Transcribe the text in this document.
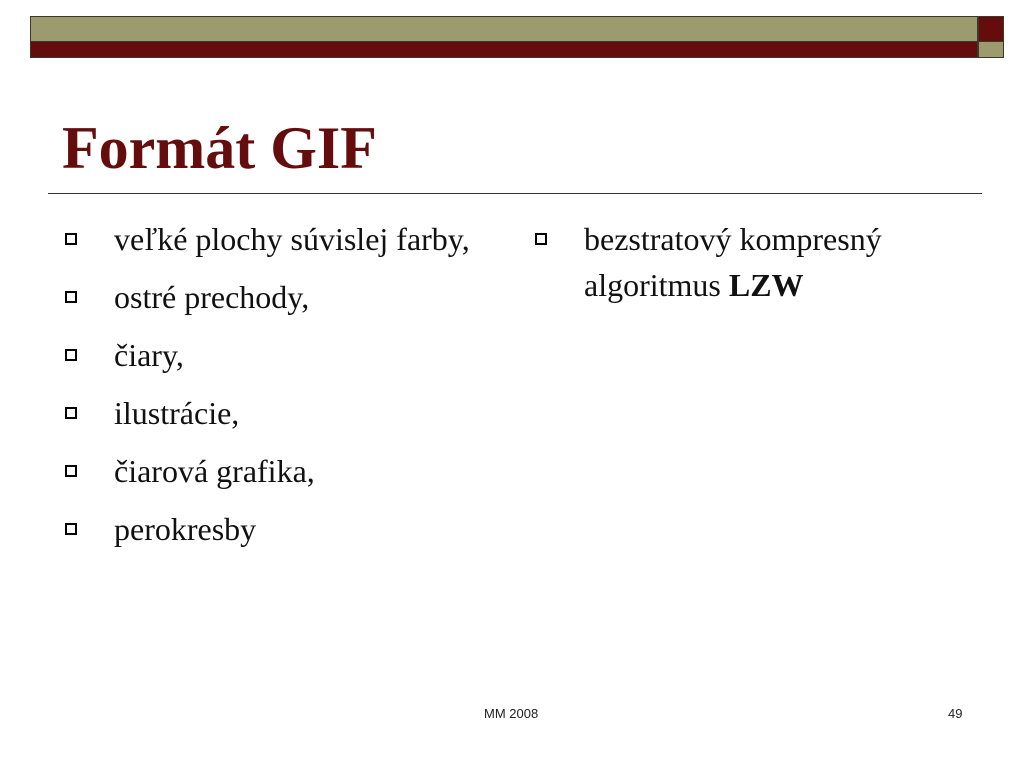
Formát GIF
veľké plochy súvislej farby,
ostré prechody,
čiary,
ilustrácie,
čiarová grafika,
perokresby
bezstratový kompresný algoritmus LZW
MM 2008	49
